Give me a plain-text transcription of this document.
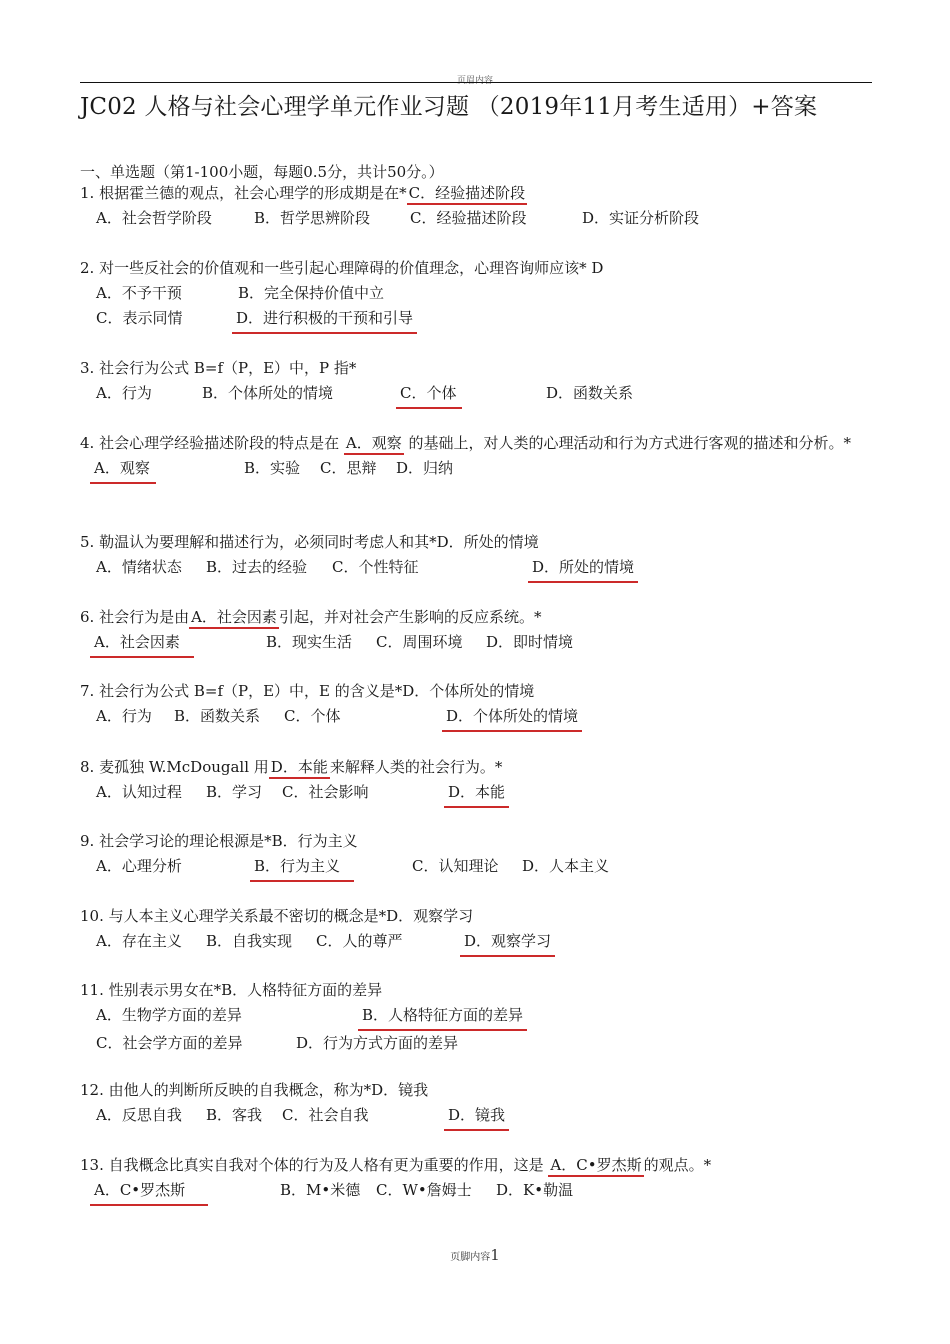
页眉内容
JC02 人格与社会心理学单元作业习题 （2019年11月考生适用）+答案
一、单选题（第1-100小题，每题0.5分，共计50分。）
1. 根据霍兰德的观点，社会心理学的形成期是在* C．经验描述阶段
A．社会哲学阶段	B．哲学思辨阶段	C．经验描述阶段	D．实证分析阶段
2. 对一些反社会的价值观和一些引起心理障碍的价值理念，心理咨询师应该* D
A．不予干预	B．完全保持价值中立
C．表示同情	D．进行积极的干预和引导
3. 社会行为公式 B=f（P，E）中，P 指*
A．行为	B．个体所处的情境	C．个体	D．函数关系
4. 社会心理学经验描述阶段的特点是在 A．观察 的基础上，对人类的心理活动和行为方式进行客观的描述和分析。*
A．观察	B．实验 C．思辩 D．归纳
5. 勒温认为要理解和描述行为，必须同时考虑人和其*D．所处的情境
A．情绪状态 B．过去的经验 C．个性特征	D．所处的情境
6. 社会行为是由 A．社会因素 引起，并对社会产生影响的反应系统。*
A．社会因素	B．现实生活 C．周围环境 D．即时情境
7. 社会行为公式 B=f（P，E）中，E 的含义是*D．个体所处的情境
A．行为 B．函数关系 C．个体	D．个体所处的情境
8. 麦孤独 W.McDougall 用 D．本能 来解释人类的社会行为。*
A．认知过程 B．学习 C．社会影响	D．本能
9. 社会学习论的理论根源是*B．行为主义
A．心理分析	B．行为主义	C．认知理论 D．人本主义
10. 与人本主义心理学关系最不密切的概念是*D．观察学习
A．存在主义 B．自我实现 C．人的尊严	D．观察学习
11. 性别表示男女在*B．人格特征方面的差异
A．生物学方面的差异	B．人格特征方面的差异
C．社会学方面的差异	D．行为方式方面的差异
12. 由他人的判断所反映的自我概念，称为*D．镜我
A．反思自我 B．客我 C．社会自我	D．镜我
13. 自我概念比真实自我对个体的行为及人格有更为重要的作用，这是 A．C•罗杰斯 的观点。*
A．C•罗杰斯	B．M•米德 C．W•詹姆士 D．K•勒温
页脚内容1
